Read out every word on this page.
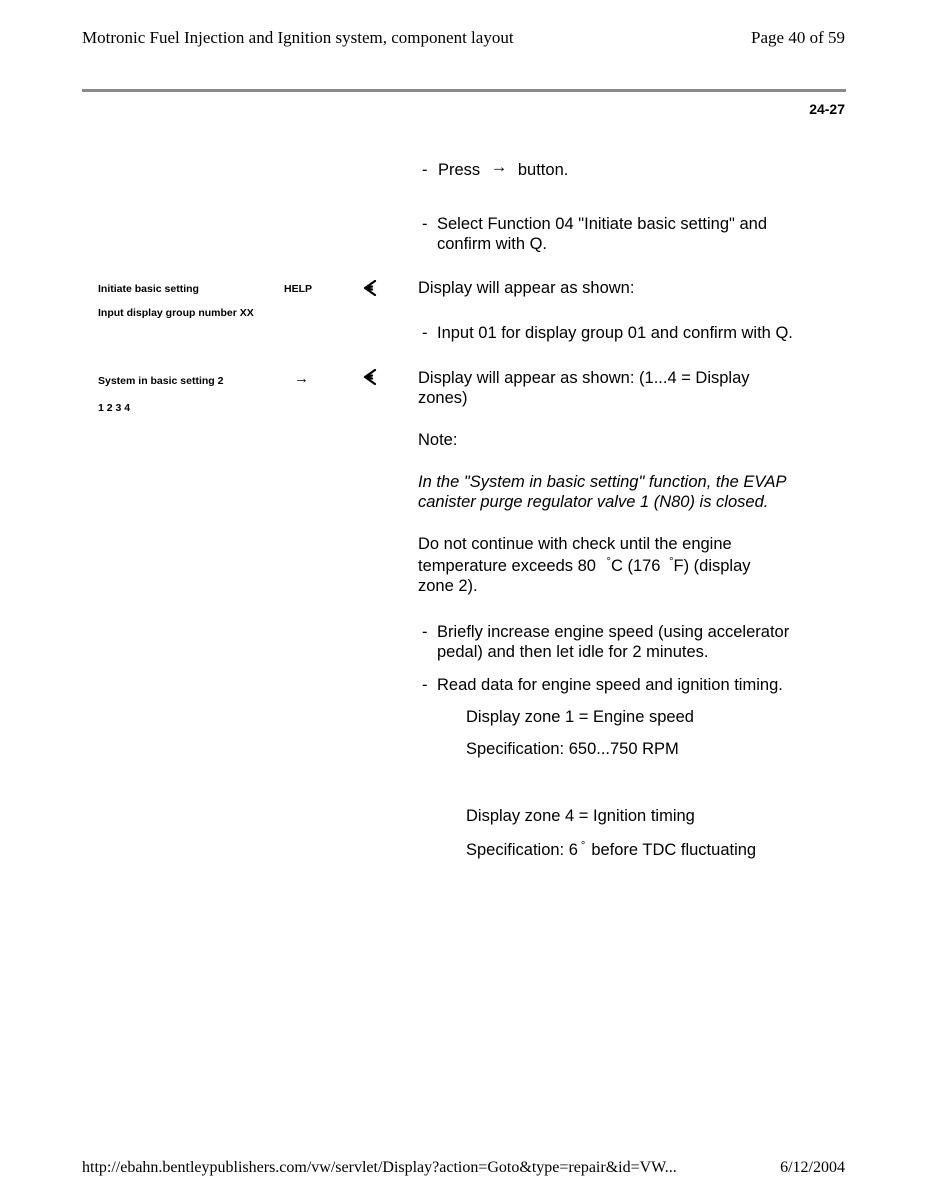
Motronic Fuel Injection and Ignition system, component layout	Page 40 of 59
24-27
Initiate basic setting	HELP
Input display group number XX
System in basic setting 2	→
1 2 3 4
- Press → button.
- Select Function 04 "Initiate basic setting" and confirm with Q.
Display will appear as shown:
- Input 01 for display group 01 and confirm with Q.
Display will appear as shown: (1...4 = Display zones)
Note:
In the "System in basic setting" function, the EVAP canister purge regulator valve 1 (N80) is closed.
Do not continue with check until the engine
temperature exceeds 80 °C (176 °F) (display
zone 2).
- Briefly increase engine speed (using accelerator pedal) and then let idle for 2 minutes.
- Read data for engine speed and ignition timing.
Display zone 1 = Engine speed
Specification: 650...750 RPM
Display zone 4 = Ignition timing
Specification: 6 ° before TDC fluctuating
http://ebahn.bentleypublishers.com/vw/servlet/Display?action=Goto&type=repair&id=VW...	6/12/2004
